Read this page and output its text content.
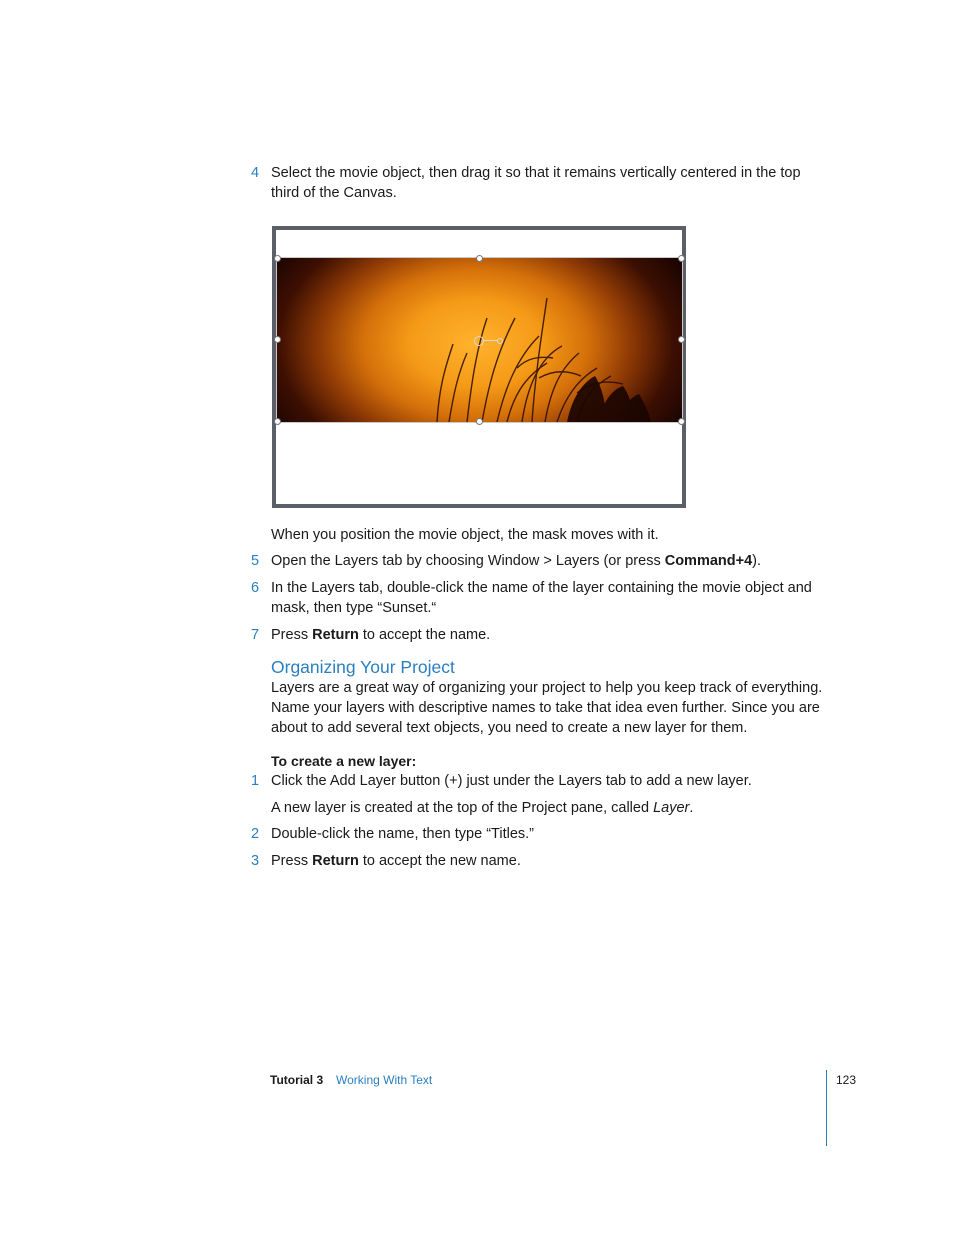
4 Select the movie object, then drag it so that it remains vertically centered in the top
third of the Canvas.
When you position the movie object, the mask moves with it.
5 Open the Layers tab by choosing Window > Layers (or press Command+4).
6 In the Layers tab, double-click the name of the layer containing the movie object and
mask, then type “Sunset.“
7 Press Return to accept the name.
Organizing Your Project
Layers are a great way of organizing your project to help you keep track of everything.
Name your layers with descriptive names to take that idea even further. Since you are
about to add several text objects, you need to create a new layer for them.
To create a new layer:
1 Click the Add Layer button (+) just under the Layers tab to add a new layer.
A new layer is created at the top of the Project pane, called Layer.
2 Double-click the name, then type “Titles.”
3 Press Return to accept the new name.
Tutorial 3 Working With Text	123
